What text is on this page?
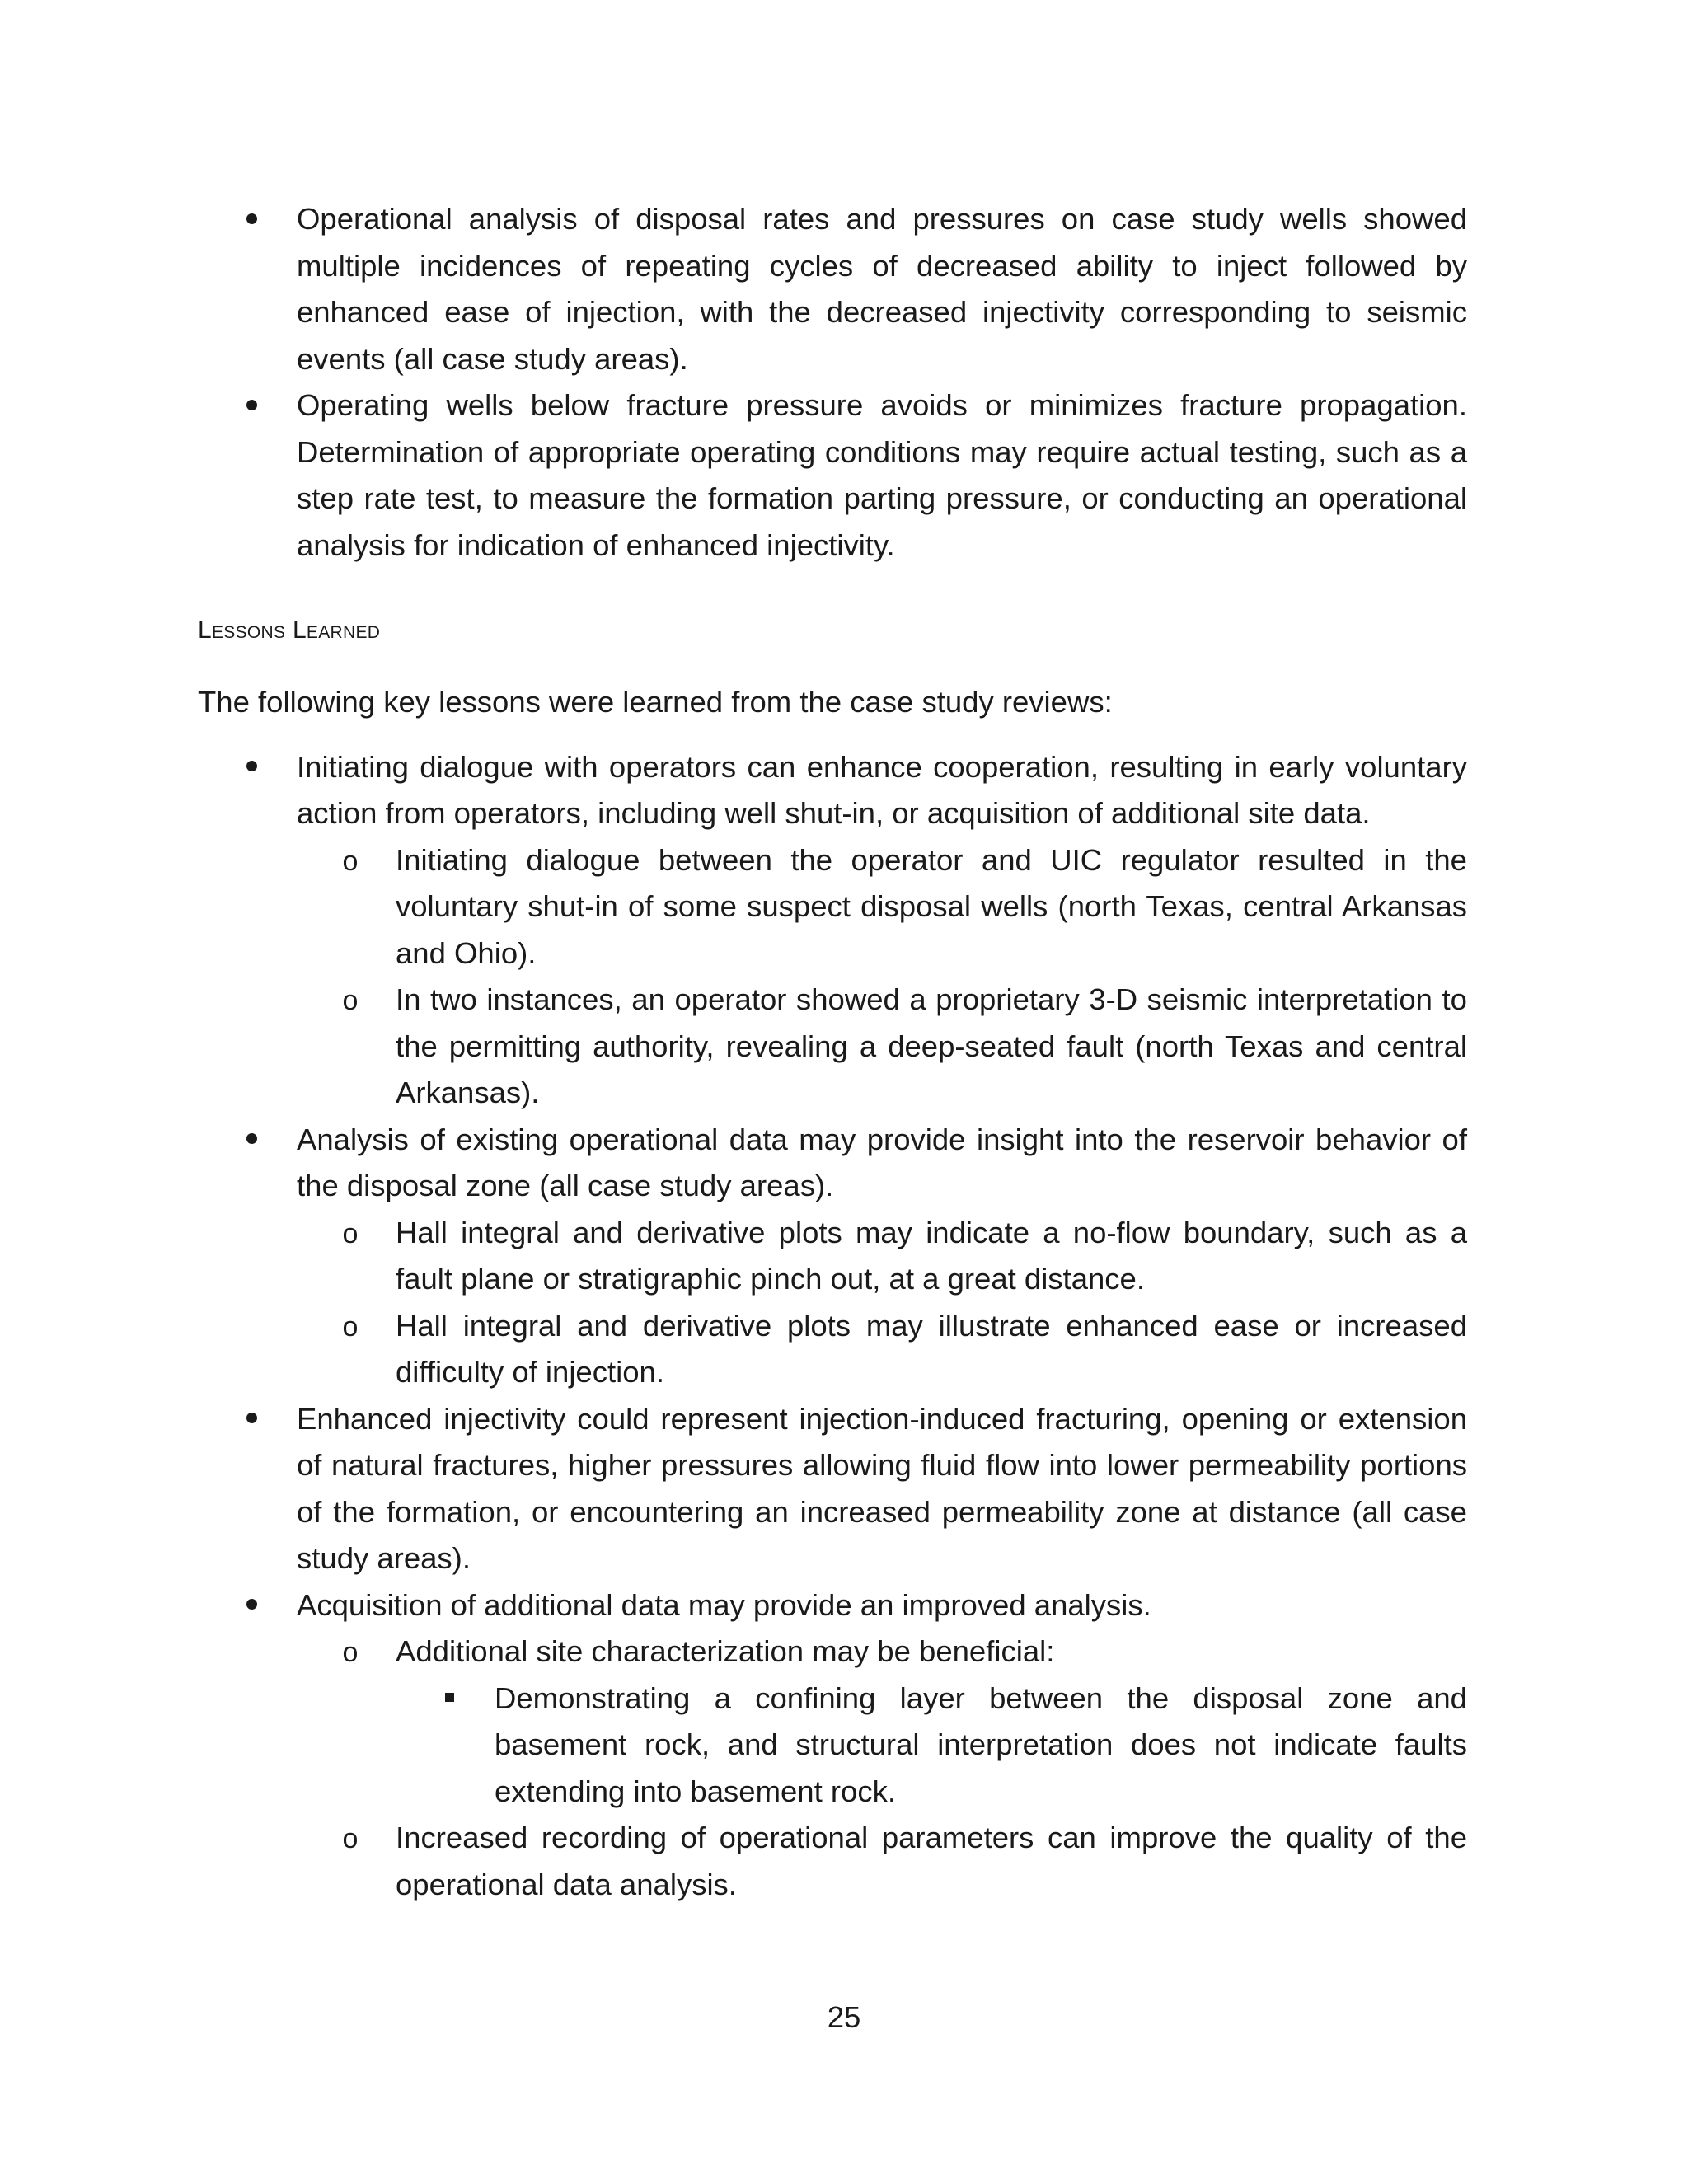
Operational analysis of disposal rates and pressures on case study wells showed multiple incidences of repeating cycles of decreased ability to inject followed by enhanced ease of injection, with the decreased injectivity corresponding to seismic events (all case study areas).
Operating wells below fracture pressure avoids or minimizes fracture propagation. Determination of appropriate operating conditions may require actual testing, such as a step rate test, to measure the formation parting pressure, or conducting an operational analysis for indication of enhanced injectivity.
Lessons Learned
The following key lessons were learned from the case study reviews:
Initiating dialogue with operators can enhance cooperation, resulting in early voluntary action from operators, including well shut-in, or acquisition of additional site data.
o Initiating dialogue between the operator and UIC regulator resulted in the voluntary shut-in of some suspect disposal wells (north Texas, central Arkansas and Ohio).
o In two instances, an operator showed a proprietary 3-D seismic interpretation to the permitting authority, revealing a deep-seated fault (north Texas and central Arkansas).
Analysis of existing operational data may provide insight into the reservoir behavior of the disposal zone (all case study areas).
o Hall integral and derivative plots may indicate a no-flow boundary, such as a fault plane or stratigraphic pinch out, at a great distance.
o Hall integral and derivative plots may illustrate enhanced ease or increased difficulty of injection.
Enhanced injectivity could represent injection-induced fracturing, opening or extension of natural fractures, higher pressures allowing fluid flow into lower permeability portions of the formation, or encountering an increased permeability zone at distance (all case study areas).
Acquisition of additional data may provide an improved analysis.
o Additional site characterization may be beneficial:
Demonstrating a confining layer between the disposal zone and basement rock, and structural interpretation does not indicate faults extending into basement rock.
o Increased recording of operational parameters can improve the quality of the operational data analysis.
25
